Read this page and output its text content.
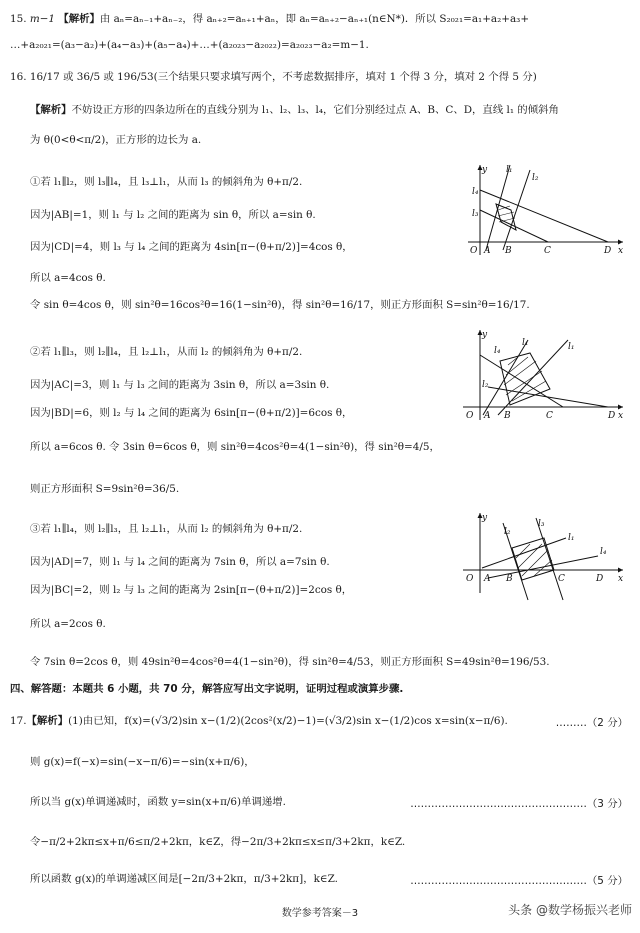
15. m−1 【解析】由 aₙ=aₙ₋₁+aₙ₋₂，得 aₙ₊₂=aₙ₊₁+aₙ，即 aₙ=aₙ₊₂−aₙ₊₁(n∈N*)．所以 S₂₀₂₁=a₁+a₂+a₃+
…+a₂₀₂₁=(a₃−a₂)+(a₄−a₃)+(a₅−a₄)+…+(a₂₀₂₃−a₂₀₂₂)=a₂₀₂₃−a₂=m−1.
16. 16/17 或 36/5 或 196/53(三个结果只要求填写两个，不考虑数据排序，填对 1 个得 3 分，填对 2 个得 5 分)
【解析】不妨设正方形的四条边所在的直线分别为 l₁、l₂、l₃、l₄，它们分别经过点 A、B、C、D，直线 l₁ 的倾斜角
为 θ(0<θ<π/2)，正方形的边长为 a.
①若 l₁∥l₂，则 l₃∥l₄，且 l₃⊥l₁，从而 l₃ 的倾斜角为 θ+π/2.
因为|AB|=1，则 l₁ 与 l₂ 之间的距离为 sin θ，所以 a=sin θ.
因为|CD|=4，则 l₃ 与 l₄ 之间的距离为 4sin[π−(θ+π/2)]=4cos θ，
所以 a=4cos θ.
令 sin θ=4cos θ，则 sin²θ=16cos²θ=16(1−sin²θ)，得 sin²θ=16/17，则正方形面积 S=sin²θ=16/17.
②若 l₁∥l₃，则 l₂∥l₄，且 l₂⊥l₁，从而 l₂ 的倾斜角为 θ+π/2.
因为|AC|=3，则 l₁ 与 l₃ 之间的距离为 3sin θ，所以 a=3sin θ.
因为|BD|=6，则 l₂ 与 l₄ 之间的距离为 6sin[π−(θ+π/2)]=6cos θ，
所以 a=6cos θ. 令 3sin θ=6cos θ，则 sin²θ=4cos²θ=4(1−sin²θ)，得 sin²θ=4/5，
则正方形面积 S=9sin²θ=36/5.
③若 l₁∥l₄，则 l₂∥l₃，且 l₂⊥l₁，从而 l₂ 的倾斜角为 θ+π/2.
因为|AD|=7，则 l₁ 与 l₄ 之间的距离为 7sin θ，所以 a=7sin θ.
因为|BC|=2，则 l₂ 与 l₃ 之间的距离为 2sin[π−(θ+π/2)]=2cos θ，
所以 a=2cos θ.
令 7sin θ=2cos θ，则 49sin²θ=4cos²θ=4(1−sin²θ)，得 sin²θ=4/53，则正方形面积 S=49sin²θ=196/53.
四、解答题：本题共 6 小题，共 70 分，解答应写出文字说明，证明过程或演算步骤.
17.【解析】(1)由已知，f(x)=(√3/2)sin x−(1/2)(2cos²(x/2)−1)=(√3/2)sin x−(1/2)cos x=sin(x−π/6).	………（2 分）
则 g(x)=f(−x)=sin(−x−π/6)=−sin(x+π/6)，
所以当 g(x)单调递减时，函数 y=sin(x+π/6)单调递增.	……………………………………………（3 分）
令−π/2+2kπ≤x+π/6≤π/2+2kπ，k∈Z，得−2π/3+2kπ≤x≤π/3+2kπ，k∈Z.
所以函数 g(x)的单调递减区间是[−2π/3+2kπ，π/3+2kπ]，k∈Z.	……………………………………………（5 分）
O A B	C	D x
y l₁
l₂
l₄
l₃
O A B	C	D x
y
l₁	l₁
l₄
l₂
O A B	C	D x
y
l₂
l₃
l₁
l₄
数学参考答案－3	头条 @数学杨振兴老师
